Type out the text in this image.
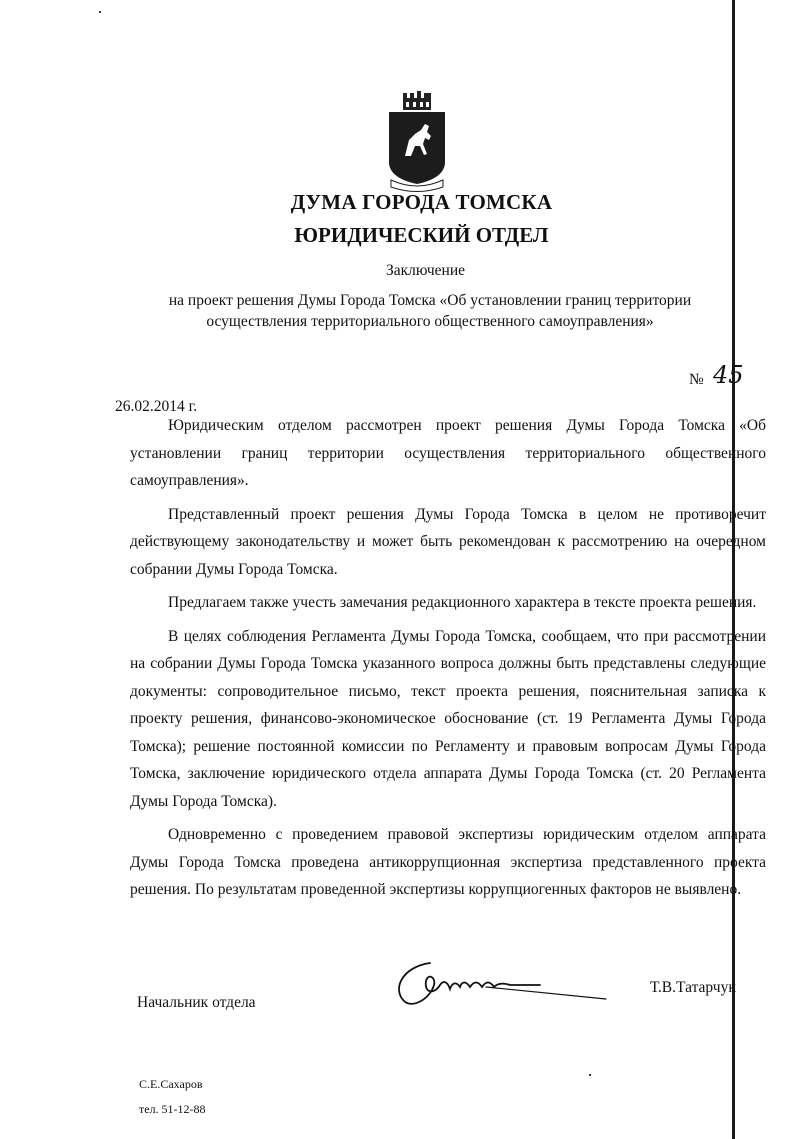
ДУМА ГОРОДА ТОМСКА
ЮРИДИЧЕСКИЙ ОТДЕЛ
Заключение
на проект решения Думы Города Томска «Об установлении границ территории осуществления территориального общественного самоуправления»
26.02.2014 г.
№ 45

Юридическим отделом рассмотрен проект решения Думы Города Томска «Об установлении границ территории осуществления территориального общественного самоуправления».

Представленный проект решения Думы Города Томска в целом не противоречит действующему законодательству и может быть рекомендован к рассмотрению на очередном собрании Думы Города Томска.

Предлагаем также учесть замечания редакционного характера в тексте проекта решения.

В целях соблюдения Регламента Думы Города Томска, сообщаем, что при рассмотрении на собрании Думы Города Томска указанного вопроса должны быть представлены следующие документы: сопроводительное письмо, текст проекта решения, пояснительная записка к проекту решения, финансово-экономическое обоснование (ст. 19 Регламента Думы Города Томска); решение постоянной комиссии по Регламенту и правовым вопросам Думы Города Томска, заключение юридического отдела аппарата Думы Города Томска (ст. 20 Регламента Думы Города Томска).

Одновременно с проведением правовой экспертизы юридическим отделом аппарата Думы Города Томска проведена антикоррупционная экспертиза представленного проекта решения. По результатам проведенной экспертизы коррупциогенных факторов не выявлено.

Начальник отдела
Т.В.Татарчук
С.Е.Сахаров
тел. 51-12-88
